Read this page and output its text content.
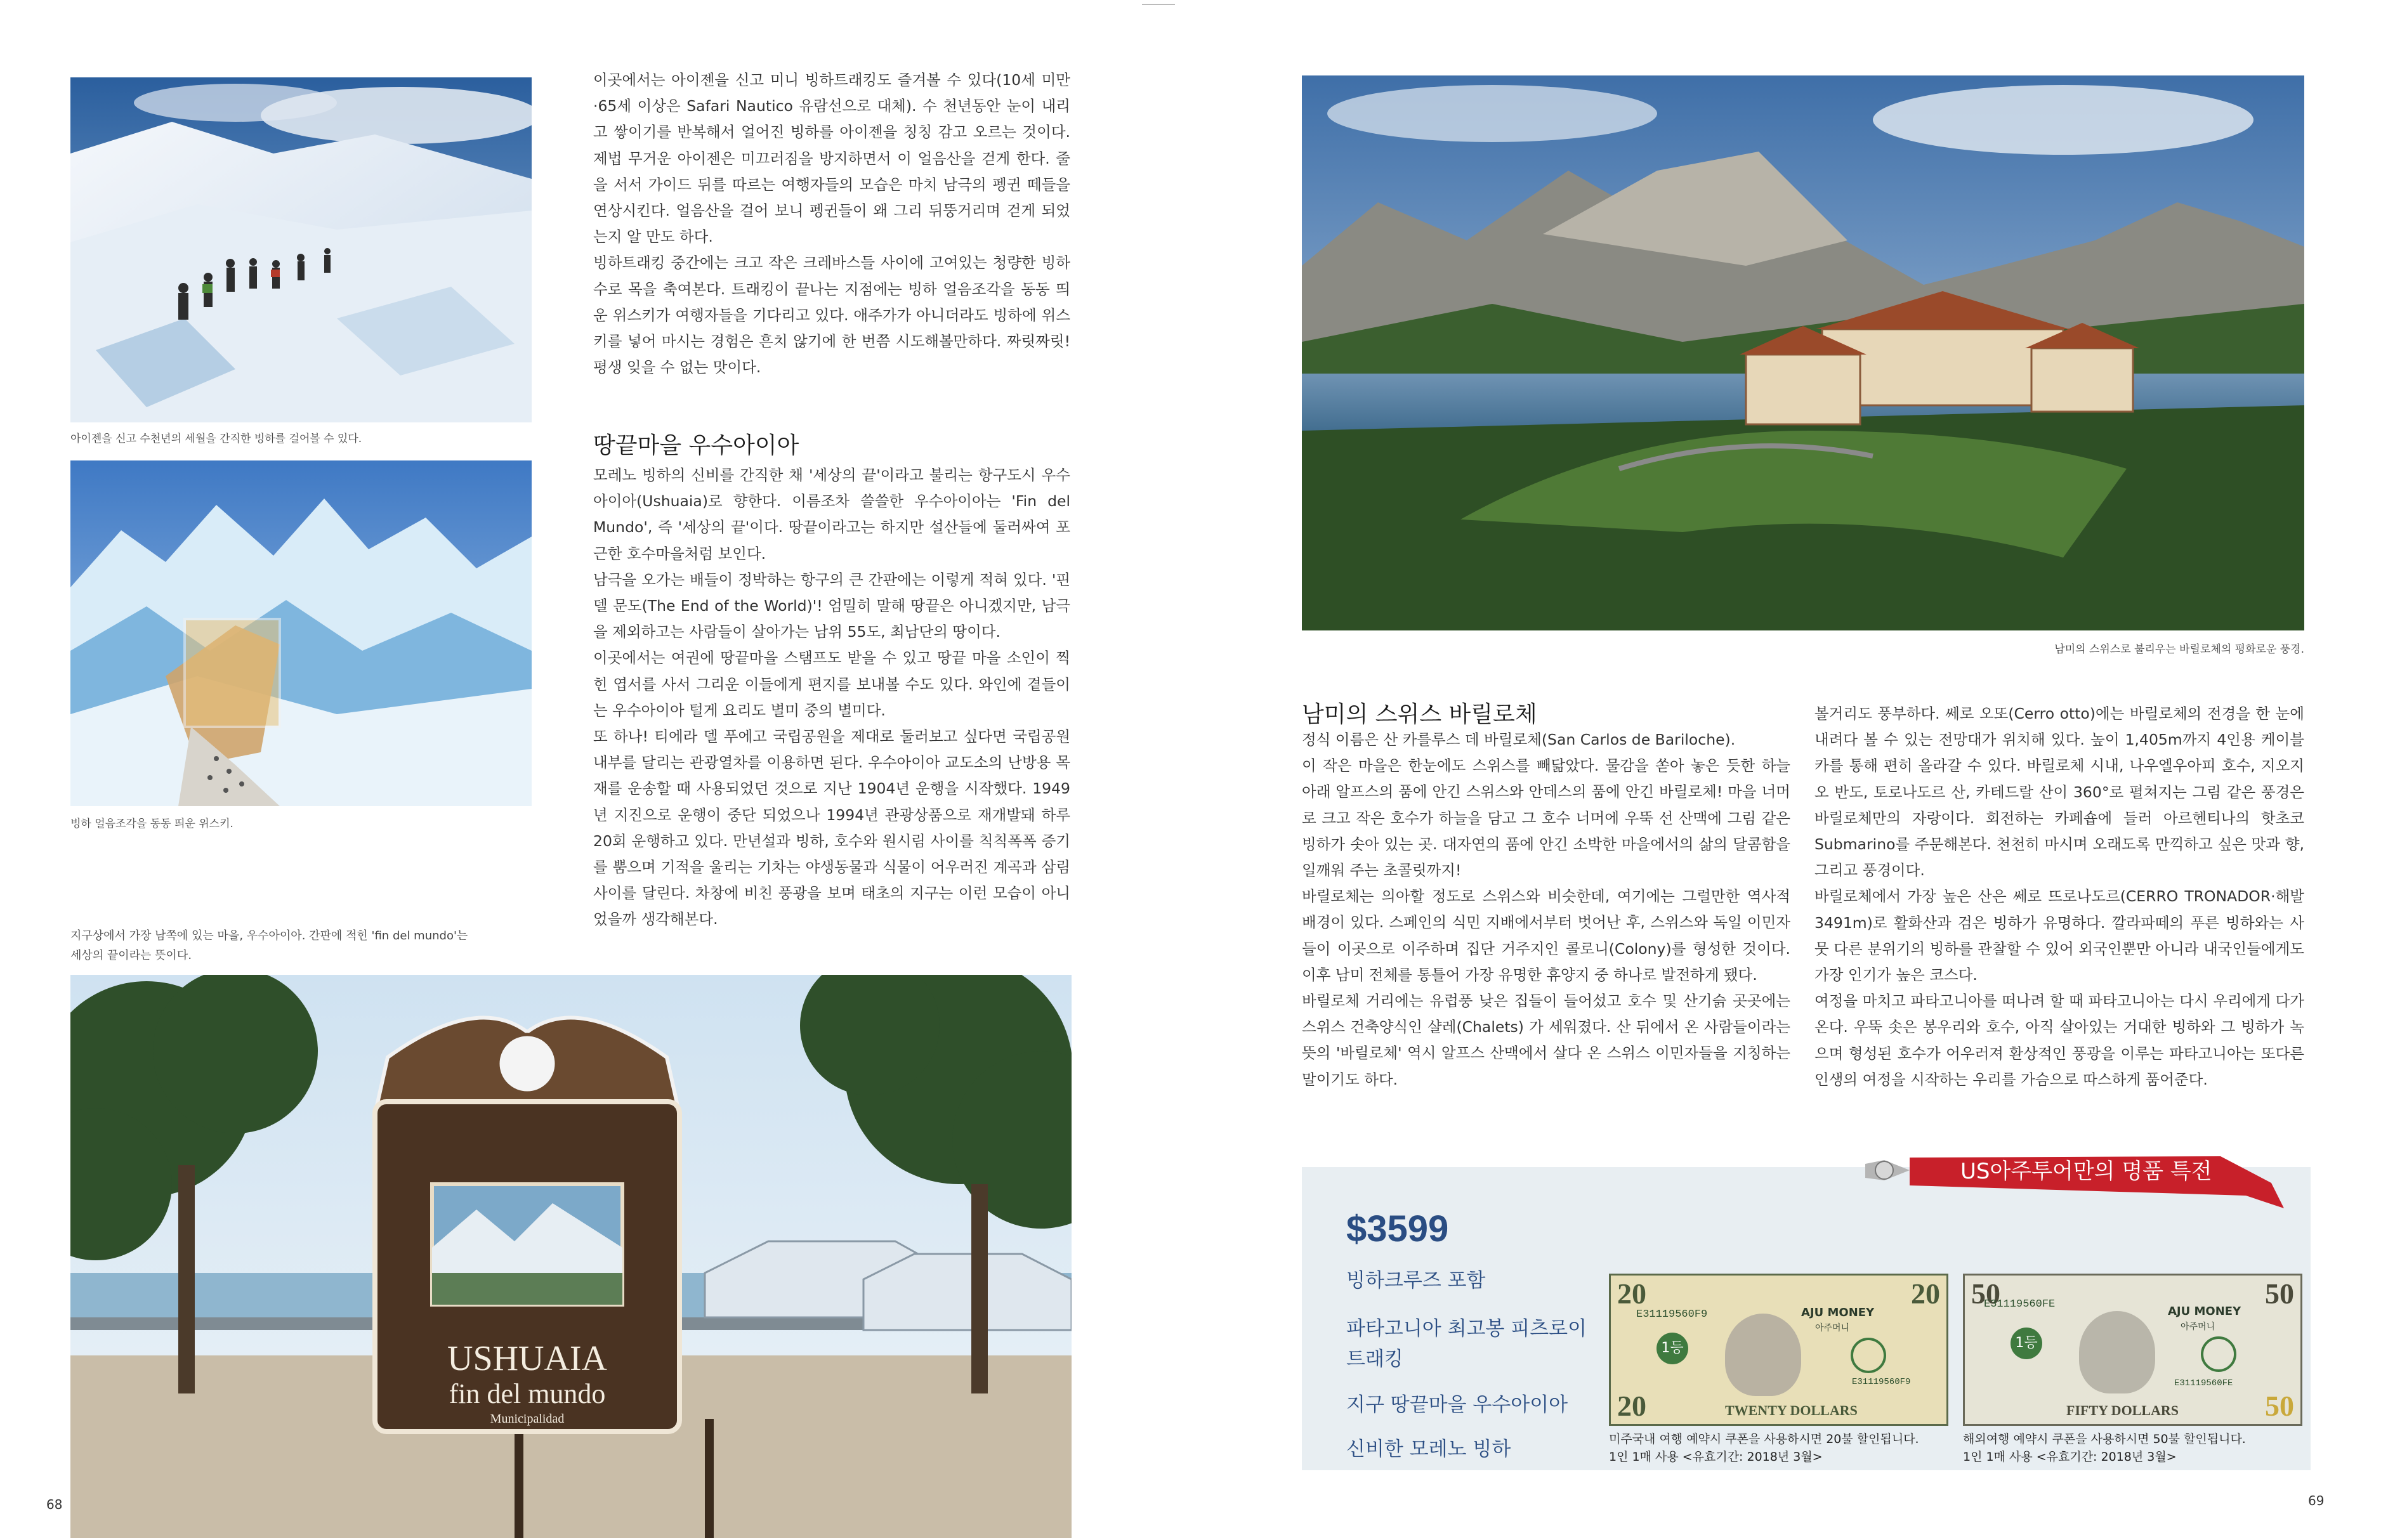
아이젠을 신고 수천년의 세월을 간직한 빙하를 걸어볼 수 있다.
빙하 얼음조각을 동동 띄운 위스키.
이곳에서는 아이젠을 신고 미니 빙하트래킹도 즐겨볼 수 있다(10세 미만·65세 이상은 Safari Nautico 유람선으로 대체). 수 천년동안 눈이 내리고 쌓이기를 반복해서 얼어진 빙하를 아이젠을 칭칭 감고 오르는 것이다. 제법 무거운 아이젠은 미끄러짐을 방지하면서 이 얼음산을 걷게 한다. 줄을 서서 가이드 뒤를 따르는 여행자들의 모습은 마치 남극의 펭귄 떼들을 연상시킨다. 얼음산을 걸어 보니 펭귄들이 왜 그리 뒤뚱거리며 걷게 되었는지 알 만도 하다.
빙하트래킹 중간에는 크고 작은 크레바스들 사이에 고여있는 청량한 빙하수로 목을 축여본다. 트래킹이 끝나는 지점에는 빙하 얼음조각을 동동 띄운 위스키가 여행자들을 기다리고 있다. 애주가가 아니더라도 빙하에 위스키를 넣어 마시는 경험은 흔치 않기에 한 번쯤 시도해볼만하다. 짜릿짜릿! 평생 잊을 수 없는 맛이다.
땅끝마을 우수아이아
모레노 빙하의 신비를 간직한 채 '세상의 끝'이라고 불리는 항구도시 우수아이아(Ushuaia)로 향한다. 이름조차 쓸쓸한 우수아이아는 'Fin del Mundo', 즉 '세상의 끝'이다. 땅끝이라고는 하지만 설산들에 둘러싸여 포근한 호수마을처럼 보인다.
남극을 오가는 배들이 정박하는 항구의 큰 간판에는 이렇게 적혀 있다. '핀델 문도(The End of the World)'! 엄밀히 말해 땅끝은 아니겠지만, 남극을 제외하고는 사람들이 살아가는 남위 55도, 최남단의 땅이다.
이곳에서는 여권에 땅끝마을 스탬프도 받을 수 있고 땅끝 마을 소인이 찍힌 엽서를 사서 그리운 이들에게 편지를 보내볼 수도 있다. 와인에 곁들이는 우수아이아 털게 요리도 별미 중의 별미다.
또 하나! 티에라 델 푸에고 국립공원을 제대로 둘러보고 싶다면 국립공원 내부를 달리는 관광열차를 이용하면 된다. 우수아이아 교도소의 난방용 목재를 운송할 때 사용되었던 것으로 지난 1904년 운행을 시작했다. 1949년 지진으로 운행이 중단 되었으나 1994년 관광상품으로 재개발돼 하루 20회 운행하고 있다. 만년설과 빙하, 호수와 원시림 사이를 칙칙폭폭 증기를 뿜으며 기적을 울리는 기차는 야생동물과 식물이 어우러진 계곡과 삼림사이를 달린다. 차창에 비친 풍광을 보며 태초의 지구는 이런 모습이 아니었을까 생각해본다.
지구상에서 가장 남쪽에 있는 마을, 우수아이아. 간판에 적힌 'fin del mundo'는 세상의 끝이라는 뜻이다.
USHUAIA
fin del mundo
Municipalidad
68
남미의 스위스로 불리우는 바릴로체의 평화로운 풍경.
남미의 스위스 바릴로체
정식 이름은 산 카를루스 데 바릴로체(San Carlos de Bariloche).
이 작은 마을은 한눈에도 스위스를 빼닮았다. 물감을 쏟아 놓은 듯한 하늘 아래 알프스의 품에 안긴 스위스와 안데스의 품에 안긴 바릴로체! 마을 너머로 크고 작은 호수가 하늘을 담고 그 호수 너머에 우뚝 선 산맥에 그림 같은 빙하가 솟아 있는 곳. 대자연의 품에 안긴 소박한 마을에서의 삶의 달콤함을 일깨워 주는 초콜릿까지!
바릴로체는 의아할 정도로 스위스와 비슷한데, 여기에는 그럴만한 역사적 배경이 있다. 스페인의 식민 지배에서부터 벗어난 후, 스위스와 독일 이민자들이 이곳으로 이주하며 집단 거주지인 콜로니(Colony)를 형성한 것이다. 이후 남미 전체를 통틀어 가장 유명한 휴양지 중 하나로 발전하게 됐다.
바릴로체 거리에는 유럽풍 낮은 집들이 들어섰고 호수 및 산기슭 곳곳에는 스위스 건축양식인 샬레(Chalets) 가 세워졌다. 산 뒤에서 온 사람들이라는 뜻의 '바릴로체' 역시 알프스 산맥에서 살다 온 스위스 이민자들을 지칭하는 말이기도 하다.
볼거리도 풍부하다. 쎄로 오또(Cerro otto)에는 바릴로체의 전경을 한 눈에 내려다 볼 수 있는 전망대가 위치해 있다. 높이 1,405m까지 4인용 케이블카를 통해 편히 올라갈 수 있다. 바릴로체 시내, 나우엘우아피 호수, 지오지오 반도, 토로나도르 산, 카테드랄 산이 360°로 펼쳐지는 그림 같은 풍경은 바릴로체만의 자랑이다. 회전하는 카페숍에 들러 아르헨티나의 핫초코 Submarino를 주문해본다. 천천히 마시며 오래도록 만끽하고 싶은 맛과 향, 그리고 풍경이다.
바릴로체에서 가장 높은 산은 쎄로 뜨로나도르(CERRO TRONADOR·해발 3491m)로 활화산과 검은 빙하가 유명하다. 깔라파떼의 푸른 빙하와는 사뭇 다른 분위기의 빙하를 관찰할 수 있어 외국인뿐만 아니라 내국인들에게도 가장 인기가 높은 코스다.
여정을 마치고 파타고니아를 떠나려 할 때 파타고니아는 다시 우리에게 다가온다. 우뚝 솟은 봉우리와 호수, 아직 살아있는 거대한 빙하와 그 빙하가 녹으며 형성된 호수가 어우러져 환상적인 풍광을 이루는 파타고니아는 또다른 인생의 여정을 시작하는 우리를 가슴으로 따스하게 품어준다.
US아주투어만의 명품 특전
$3599
빙하크루즈 포함
파타고니아 최고봉 피츠로이 트래킹
지구 땅끝마을 우수아이아
신비한 모레노 빙하
20	20
E31119560F9
1등
AJU MONEY
아주머니
E31119560F9
20	TWENTY DOLLARS
미주국내 여행 예약시 쿠폰을 사용하시면 20불 할인됩니다.
1인 1매 사용 <유효기간: 2018년 3월>
50	50
E31119560FE
1등
AJU MONEY
아주머니
E31119560FE
50
FIFTY DOLLARS
해외여행 예약시 쿠폰을 사용하시면 50불 할인됩니다.
1인 1매 사용 <유효기간: 2018년 3월>
69
